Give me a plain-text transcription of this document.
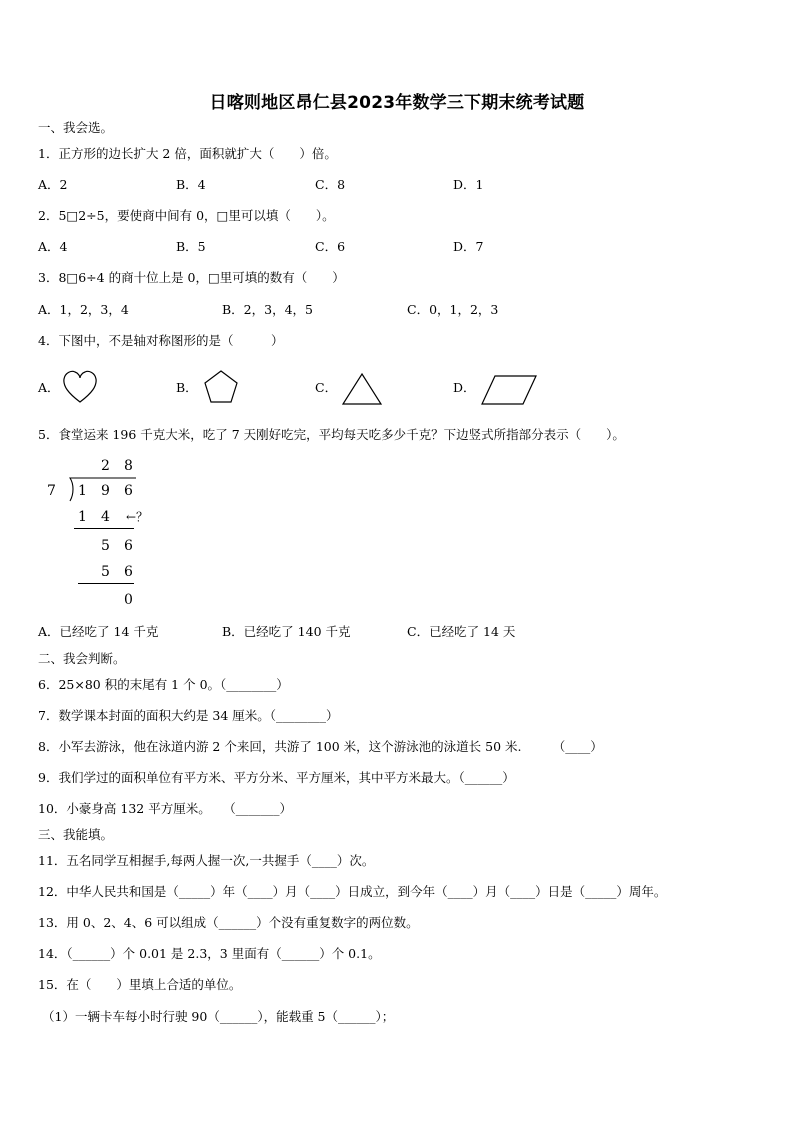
日喀则地区昂仁县2023年数学三下期末统考试题
一、我会选。
1．正方形的边长扩大 2 倍，面积就扩大（　　）倍。
A．2	B．4	C．8	D．1
2．5□2÷5，要使商中间有 0，□里可以填（　　）。
A．4	B．5	C．6	D．7
3．8□6÷4 的商十位上是 0，□里可填的数有（　　）
A．1，2，3，4	B．2，3，4，5	C．0，1，2，3
4．下图中，不是轴对称图形的是（　　　）
A．	B．	C．	D．
5．食堂运来 196 千克大米，吃了 7 天刚好吃完，平均每天吃多少千克？下边竖式所指部分表示（　　）。
2 8
7 1 9 6
1 4 ←？
5 6
5 6
0
A．已经吃了 14 千克	B．已经吃了 140 千克	C．已经吃了 14 天
二、我会判断。
6．25×80 积的末尾有 1 个 0。（________）
7．数学课本封面的面积大约是 34 厘米。（________）
8．小军去游泳，他在泳道内游 2 个来回，共游了 100 米，这个游泳池的泳道长 50 米.　　　（____）
9．我们学过的面积单位有平方米、平方分米、平方厘米，其中平方米最大。（______）
10．小豪身高 132 平方厘米。　　（_______）
三、我能填。
11．五名同学互相握手,每两人握一次,一共握手（____）次。
12．中华人民共和国是（_____）年（____）月（____）日成立，到今年（____）月（____）日是（_____）周年。
13．用 0、2、4、6 可以组成（______）个没有重复数字的两位数。
14．（______）个 0.01 是 2.3，3 里面有（______）个 0.1。
15．在（　　）里填上合适的单位。
（1）一辆卡车每小时行驶 90（______），能载重 5（______）；
